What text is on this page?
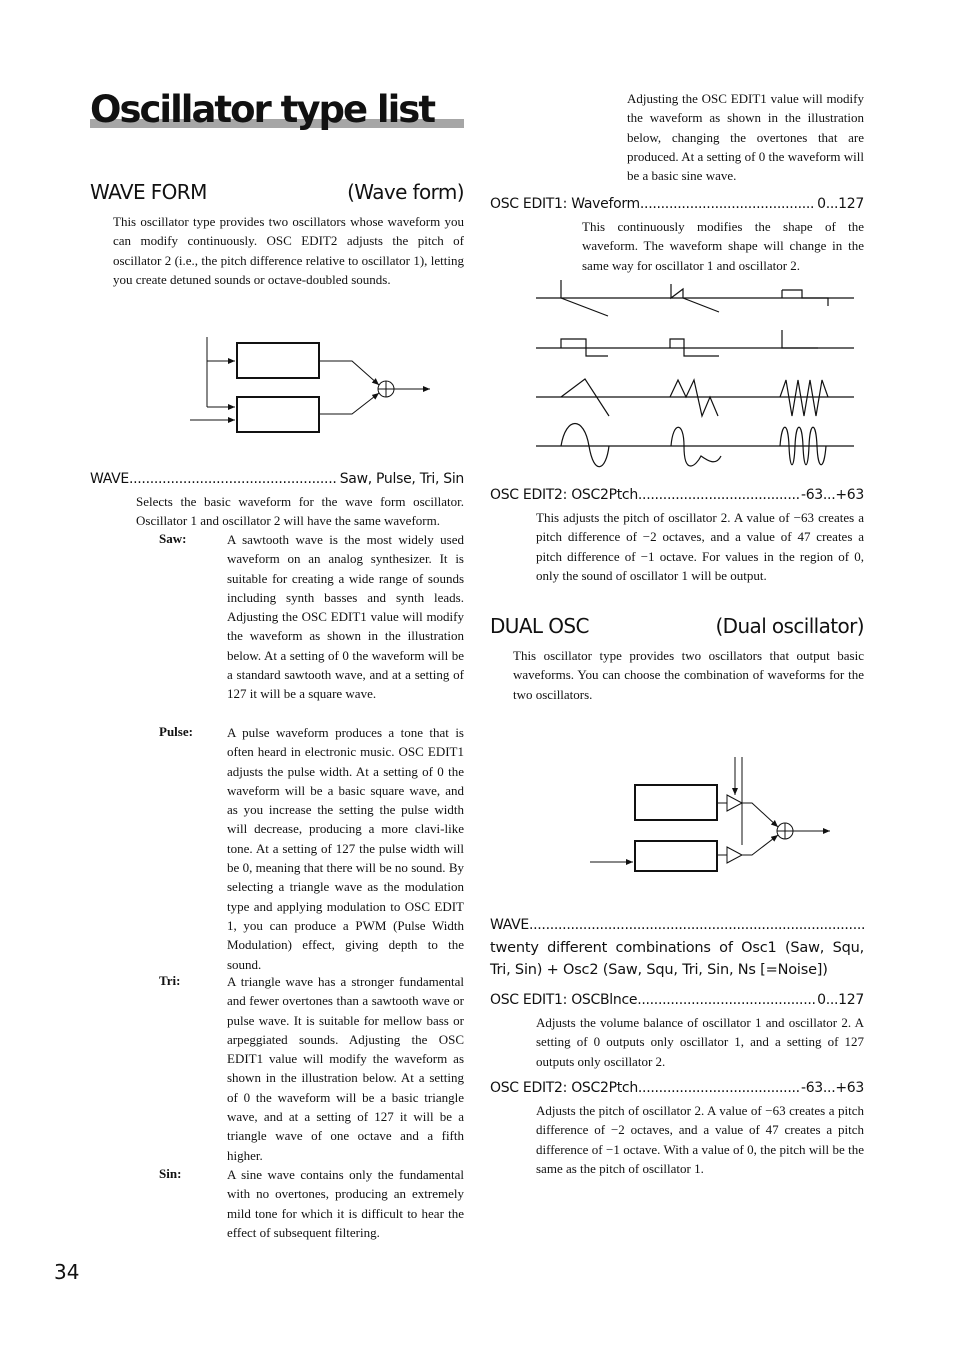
Oscillator type list
WAVE FORM	(Wave form)
This oscillator type provides two oscillators whose waveform you can modify continuously. OSC EDIT2 adjusts the pitch of oscillator 2 (i.e., the pitch difference relative to oscillator 1), letting you create detuned sounds or octave-doubled sounds.
WAVE .....	Saw, Pulse, Tri, Sin
Selects the basic waveform for the wave form oscillator. Oscillator 1 and oscillator 2 will have the same waveform.
Saw:	A sawtooth wave is the most widely used waveform on an analog synthesizer. It is suitable for creating a wide range of sounds including synth basses and synth leads. Adjusting the OSC EDIT1 value will modify the waveform as shown in the illustration below. At a setting of 0 the waveform will be a standard sawtooth wave, and at a setting of 127 it will be a square wave.
Pulse:	A pulse waveform produces a tone that is often heard in electronic music. OSC EDIT1 adjusts the pulse width. At a setting of 0 the waveform will be a basic square wave, and as you increase the setting the pulse width will decrease, producing a more clavi-like tone. At a setting of 127 the pulse width will be 0, meaning that there will be no sound. By selecting a triangle wave as the modulation type and applying modulation to OSC EDIT 1, you can produce a PWM (Pulse Width Modulation) effect, giving depth to the sound.
Tri:	A triangle wave has a stronger fundamental and fewer overtones than a sawtooth wave or pulse wave. It is suitable for mellow bass or arpeggiated sounds. Adjusting the OSC EDIT1 value will modify the waveform as shown in the illustration below. At a setting of 0 the waveform will be a basic triangle wave, and at a setting of 127 it will be a triangle wave of one octave and a fifth higher.
Sin:	A sine wave contains only the fundamental with no overtones, producing an extremely mild tone for which it is difficult to hear the effect of subsequent filtering.
Adjusting the OSC EDIT1 value will modify the waveform as shown in the illustration below, changing the overtones that are produced. At a setting of 0 the waveform will be a basic sine wave.
OSC EDIT1: Waveform .....	0...127
This continuously modifies the shape of the waveform. The waveform shape will change in the same way for oscillator 1 and oscillator 2.
OSC EDIT2: OSC2Ptch .....	-63...+63
This adjusts the pitch of oscillator 2. A value of −63 creates a pitch difference of −2 octaves, and a value of 47 creates a pitch difference of −1 octave. For values in the region of 0, only the sound of oscillator 1 will be output.
DUAL OSC	(Dual oscillator)
This oscillator type provides two oscillators that output basic waveforms. You can choose the combination of waveforms for the two oscillators.
WAVE
.....
twenty different combinations of Osc1 (Saw, Squ, Tri, Sin) + Osc2 (Saw, Squ, Tri, Sin, Ns [=Noise])
OSC EDIT1: OSCBlnce .....	0...127
Adjusts the volume balance of oscillator 1 and oscillator 2. A setting of 0 outputs only oscillator 1, and a setting of 127 outputs only oscillator 2.
OSC EDIT2: OSC2Ptch .....	-63...+63
Adjusts the pitch of oscillator 2. A value of −63 creates a pitch difference of −2 octaves, and a value of 47 creates a pitch difference of −1 octave. With a value of 0, the pitch will be the same as the pitch of oscillator 1.
34
